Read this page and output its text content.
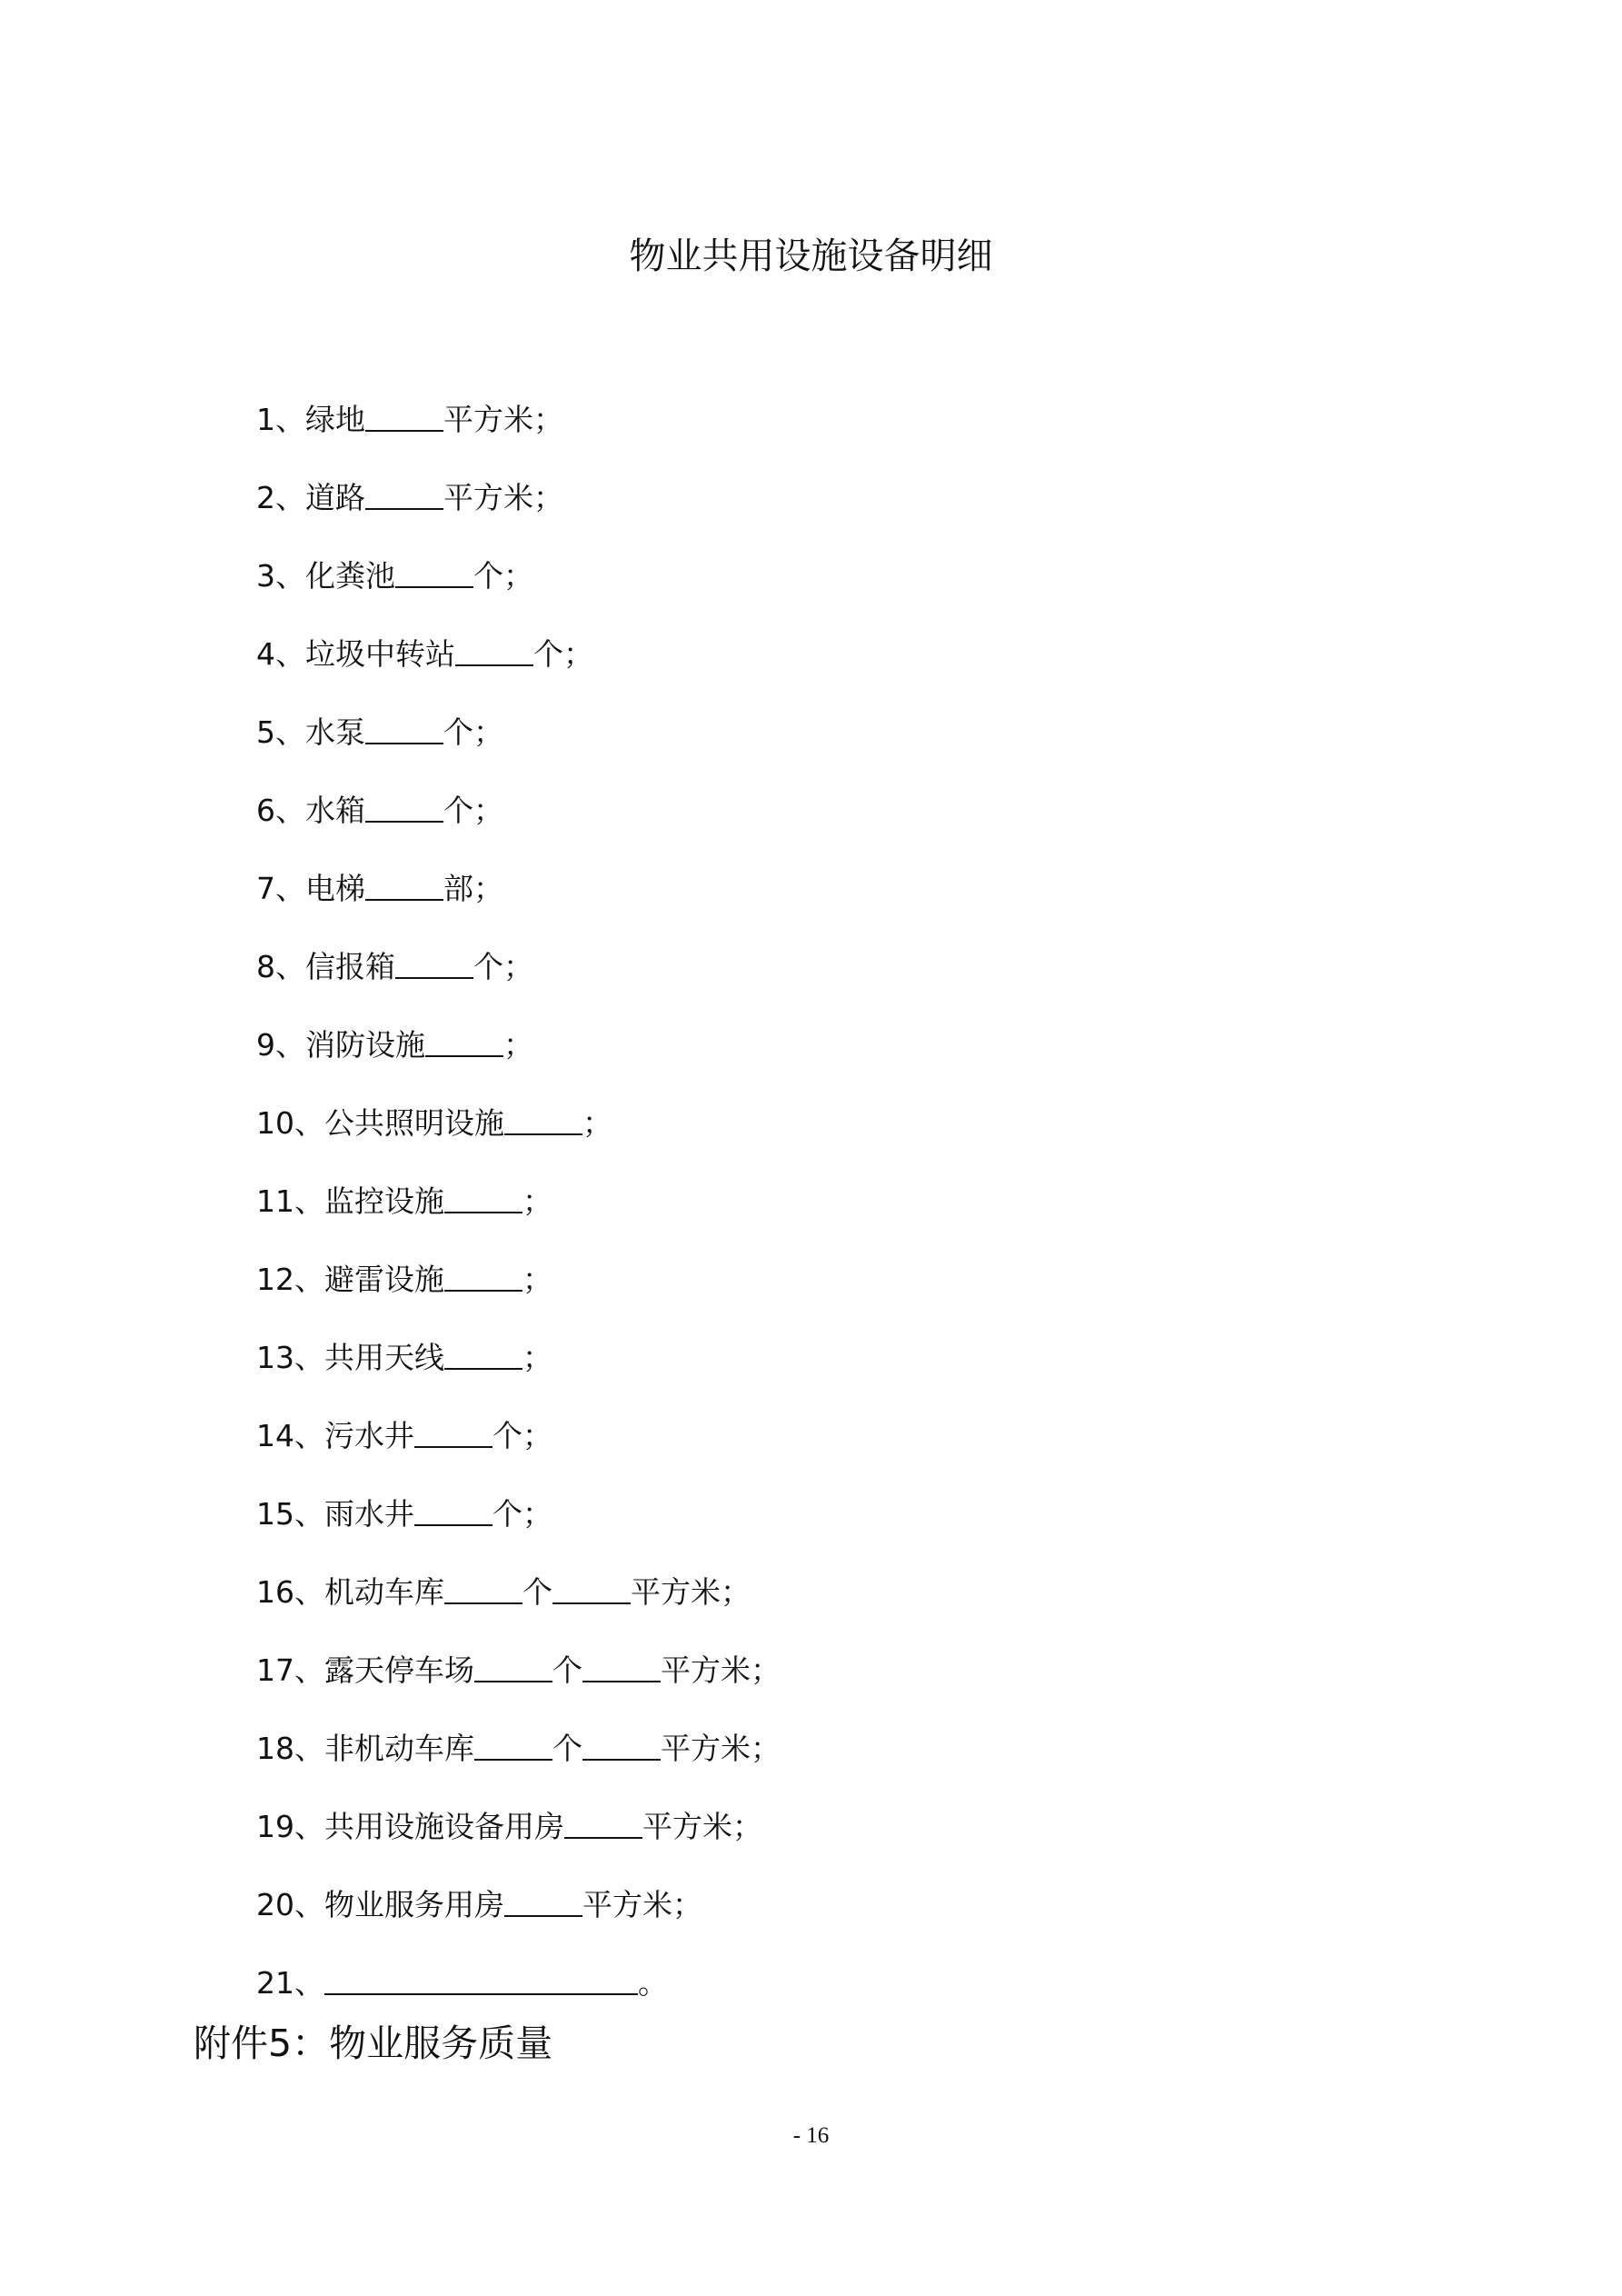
物业共用设施设备明细
1、绿地	平方米；
2、道路	平方米；
3、化粪池	个；
4、垃圾中转站	个；
5、水泵	个；
6、水箱	个；
7、电梯	部；
8、信报箱	个；
9、消防设施	；
10、公共照明设施	；
11、监控设施	；
12、避雷设施	；
13、共用天线	；
14、污水井	个；
15、雨水井	个；
16、机动车库	个	平方米；
17、露天停车场	个	平方米；
18、非机动车库	个	平方米；
19、共用设施设备用房	平方米；
20、物业服务用房	平方米；
21、	。
附件5：物业服务质量
- 16
